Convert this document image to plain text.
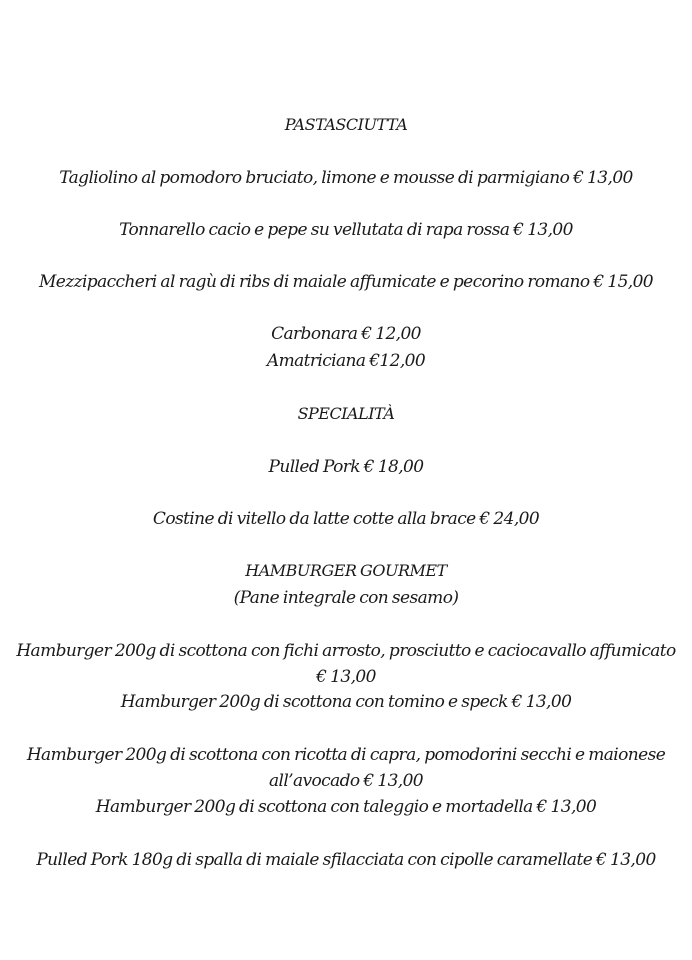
PASTASCIUTTA
Tagliolino al pomodoro bruciato, limone e mousse di parmigiano € 13,00
Tonnarello cacio e pepe su vellutata di rapa rossa € 13,00
Mezzipaccheri al ragù di ribs di maiale affumicate e pecorino romano € 15,00
Carbonara € 12,00
Amatriciana €12,00
SPECIALITÀ
Pulled Pork € 18,00
Costine di vitello da latte cotte alla brace € 24,00
HAMBURGER GOURMET
(Pane integrale con sesamo)
Hamburger 200g di scottona con fichi arrosto, prosciutto e caciocavallo affumicato
€ 13,00
Hamburger 200g di scottona con tomino e speck € 13,00
Hamburger 200g di scottona con ricotta di capra, pomodorini secchi e maionese
all’avocado € 13,00
Hamburger 200g di scottona con taleggio e mortadella € 13,00
Pulled Pork 180g di spalla di maiale sfilacciata con cipolle caramellate € 13,00
